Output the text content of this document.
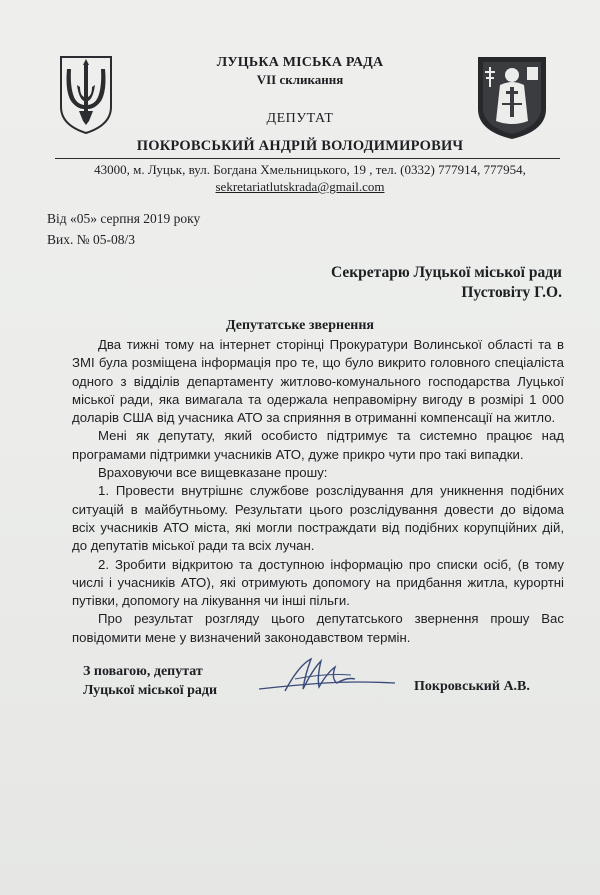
ЛУЦЬКА МІСЬКА РАДА
VII скликання
ДЕПУТАТ
ПОКРОВСЬКИЙ АНДРІЙ ВОЛОДИМИРОВИЧ
43000, м. Луцьк, вул. Богдана Хмельницького, 19 , тел. (0332) 777914, 777954,
sekretariatlutskrada@gmail.com
Від «05» серпня 2019 року
Вих. № 05-08/3
Секретарю Луцької міської ради
Пустовіту Г.О.
Депутатське звернення

Два тижні тому на інтернет сторінці Прокуратури Волинської області та в ЗМІ була розміщена інформація про те, що було викрито головного спеціаліста одного з відділів департаменту житлово-комунального господарства Луцької міської ради, яка вимагала та одержала неправомірну вигоду в розмірі 1 000 доларів США від учасника АТО за сприяння в отриманні компенсації на житло.

Мені як депутату, який особисто підтримує та системно працює над програмами підтримки учасників АТО, дуже прикро чути про такі випадки.

Враховуючи все вищевказане прошу:

1. Провести внутрішнє службове розслідування для уникнення подібних ситуацій в майбутньому. Результати цього розслідування довести до відома всіх учасників АТО міста, які могли постраждати від подібних корупційних дій, до депутатів міської ради та всіх лучан.

2. Зробити відкритою та доступною інформацію про списки осіб, (в тому числі і учасників АТО), які отримують допомогу на придбання житла, курортні путівки, допомогу на лікування чи інші пільги.

Про результат розгляду цього депутатського звернення прошу Вас повідомити мене у визначений законодавством термін.

З повагою, депутат
Луцької міської ради	Покровський А.В.
